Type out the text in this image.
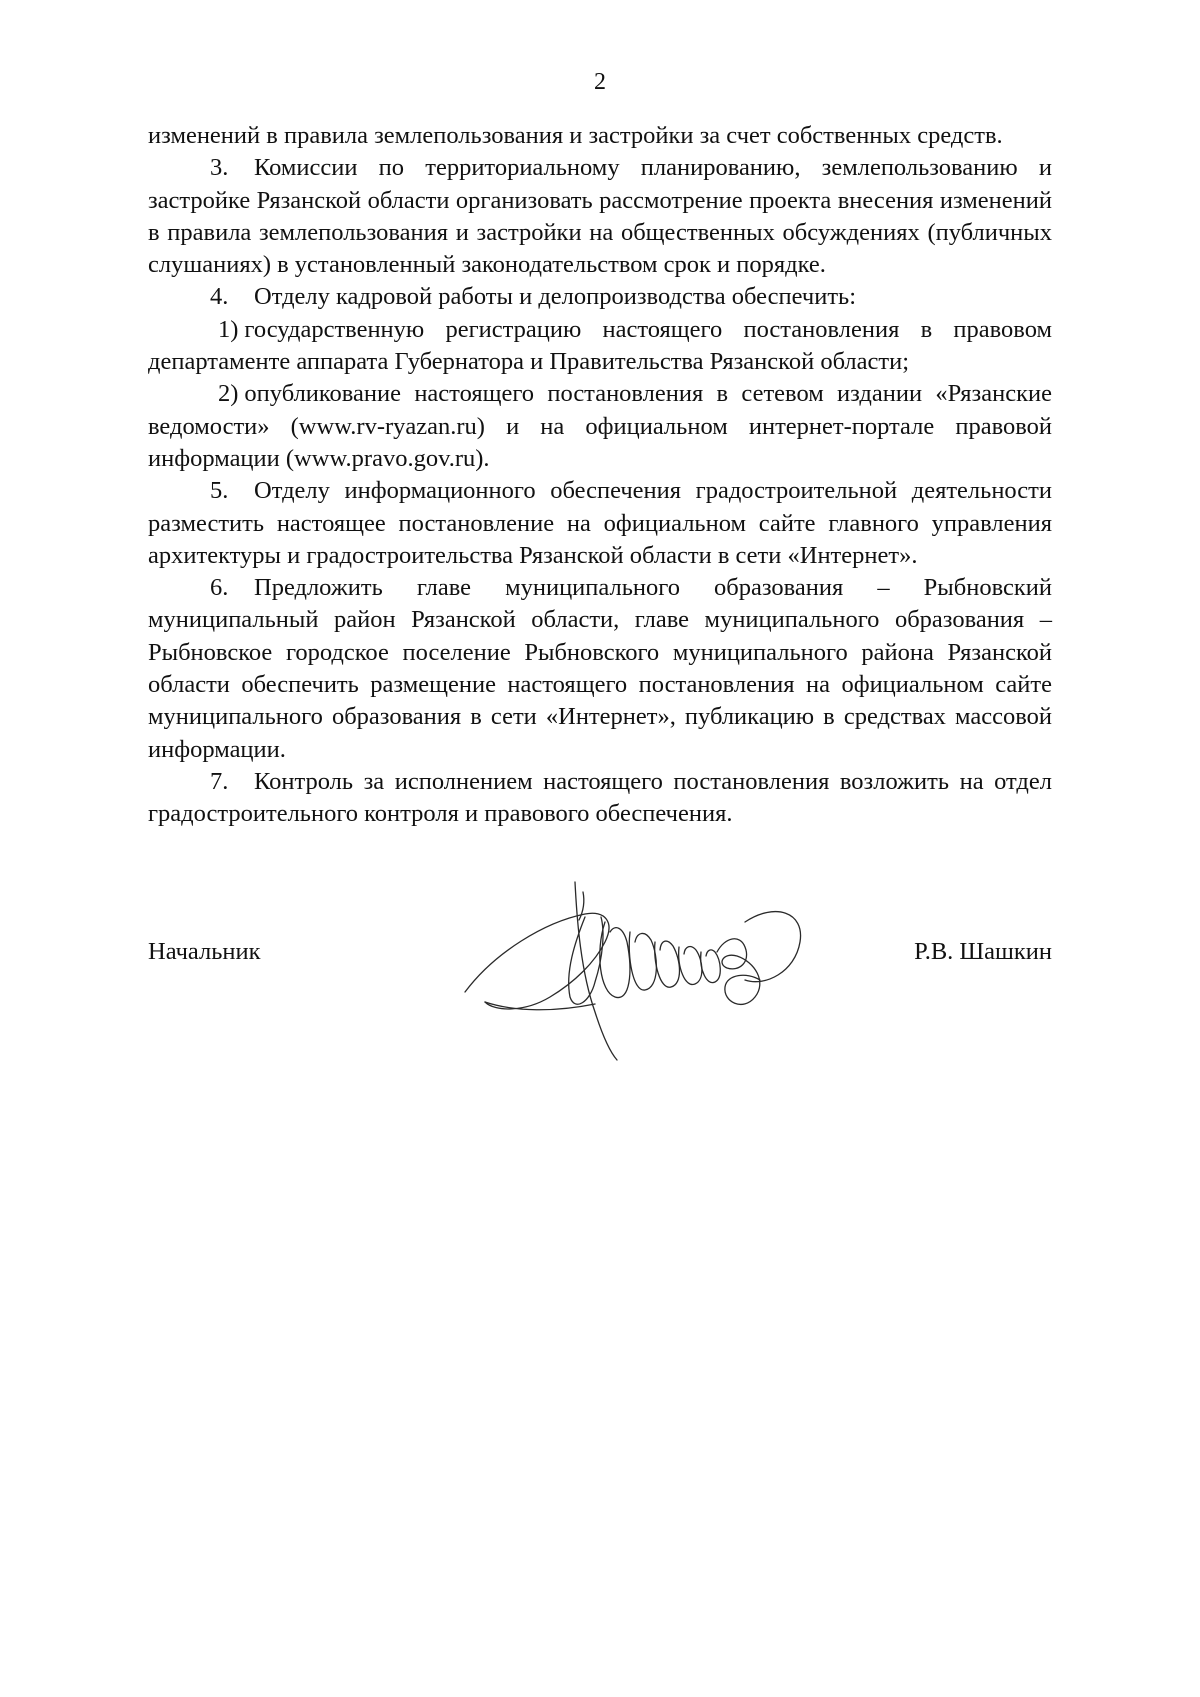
2

изменений в правила землепользования и застройки за счет собственных средств.

3. Комиссии по территориальному планированию, землепользованию и застройке Рязанской области организовать рассмотрение проекта внесения изменений в правила землепользования и застройки на общественных обсуждениях (публичных слушаниях) в установленный законодательством срок и порядке.

4. Отделу кадровой работы и делопроизводства обеспечить:

1) государственную регистрацию настоящего постановления в правовом департаменте аппарата Губернатора и Правительства Рязанской области;

2) опубликование настоящего постановления в сетевом издании «Рязанские ведомости» (www.rv-ryazan.ru) и на официальном интернет-портале правовой информации (www.pravo.gov.ru).

5. Отделу информационного обеспечения градостроительной деятельности разместить настоящее постановление на официальном сайте главного управления архитектуры и градостроительства Рязанской области в сети «Интернет».

6. Предложить главе муниципального образования – Рыбновский муниципальный район Рязанской области, главе муниципального образования – Рыбновское городское поселение Рыбновского муниципального района Рязанской области обеспечить размещение настоящего постановления на официальном сайте муниципального образования в сети «Интернет», публикацию в средствах массовой информации.

7. Контроль за исполнением настоящего постановления возложить на отдел градостроительного контроля и правового обеспечения.

Начальник	Р.В. Шашкин
